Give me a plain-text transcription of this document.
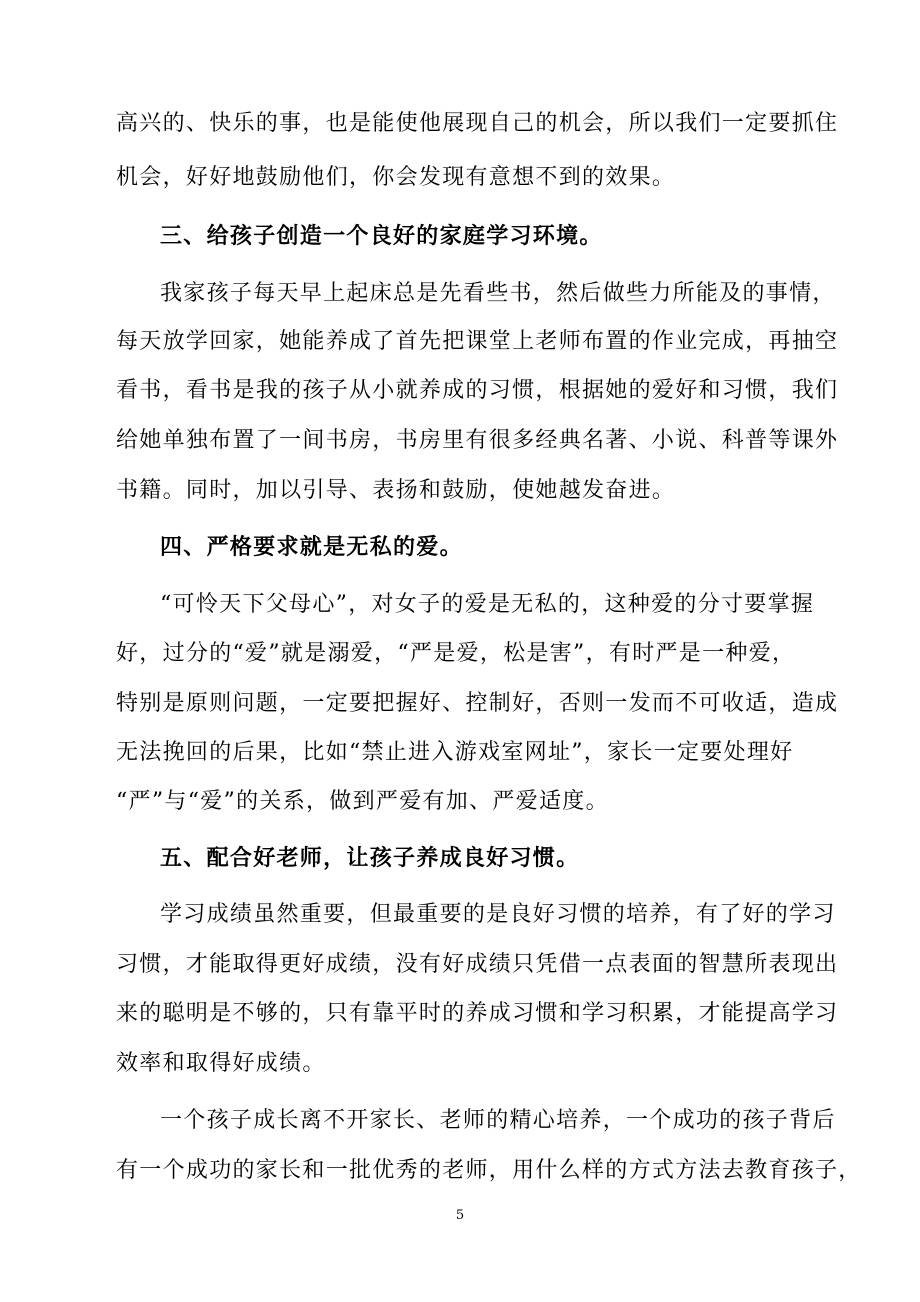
高兴的、快乐的事，也是能使他展现自己的机会，所以我们一定要抓住
机会，好好地鼓励他们，你会发现有意想不到的效果。
三、给孩子创造一个良好的家庭学习环境。
我家孩子每天早上起床总是先看些书，然后做些力所能及的事情，
每天放学回家，她能养成了首先把课堂上老师布置的作业完成，再抽空
看书，看书是我的孩子从小就养成的习惯，根据她的爱好和习惯，我们
给她单独布置了一间书房，书房里有很多经典名著、小说、科普等课外
书籍。同时，加以引导、表扬和鼓励，使她越发奋进。
四、严格要求就是无私的爱。
“可怜天下父母心”，对女子的爱是无私的，这种爱的分寸要掌握
好，过分的“爱”就是溺爱，“严是爱，松是害”，有时严是一种爱，
特别是原则问题，一定要把握好、控制好，否则一发而不可收适，造成
无法挽回的后果，比如“禁止进入游戏室网址”，家长一定要处理好
“严”与“爱”的关系，做到严爱有加、严爱适度。
五、配合好老师，让孩子养成良好习惯。
学习成绩虽然重要，但最重要的是良好习惯的培养，有了好的学习
习惯，才能取得更好成绩，没有好成绩只凭借一点表面的智慧所表现出
来的聪明是不够的，只有靠平时的养成习惯和学习积累，才能提高学习
效率和取得好成绩。
一个孩子成长离不开家长、老师的精心培养，一个成功的孩子背后
有一个成功的家长和一批优秀的老师，用什么样的方式方法去教育孩子，
5
